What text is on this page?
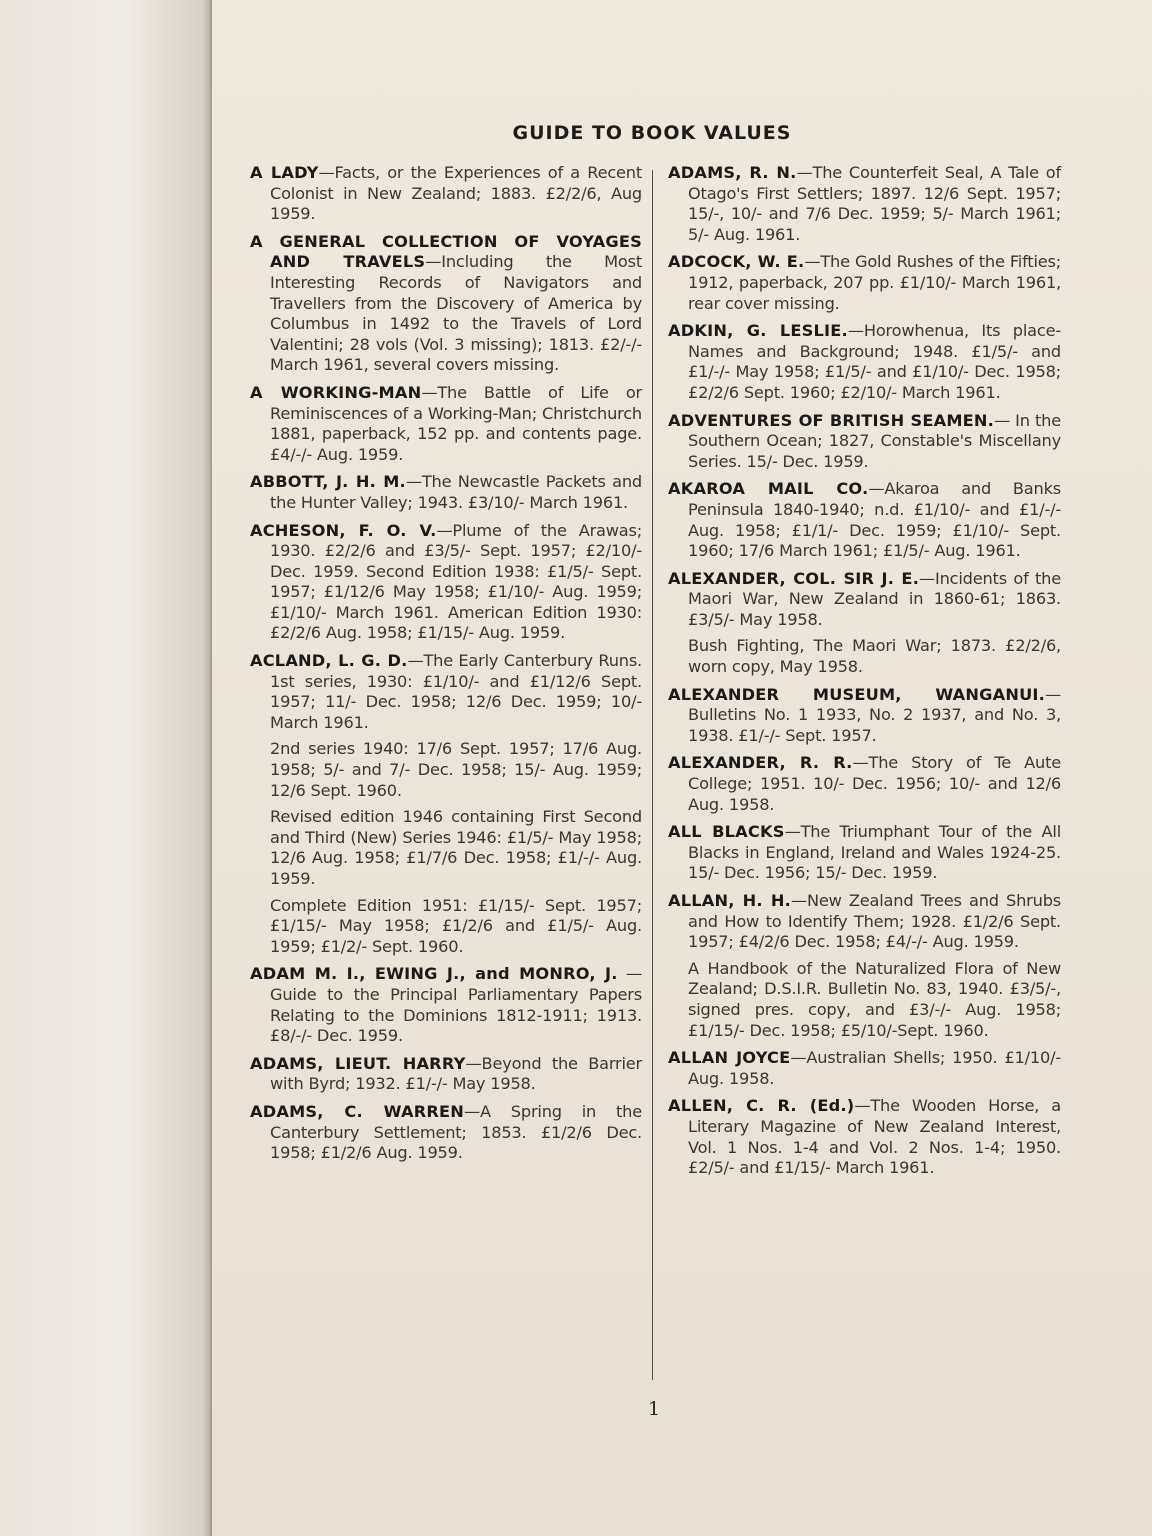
GUIDE TO BOOK VALUES

A LADY—Facts, or the Experiences of a Recent Colonist in New Zealand; 1883. £2/2/6, Aug 1959.

A GENERAL COLLECTION OF VOYAGES AND TRAVELS—Including the Most Interesting Records of Navigators and Travellers from the Discovery of America by Columbus in 1492 to the Travels of Lord Valentini; 28 vols (Vol. 3 missing); 1813. £2/-/- March 1961, several covers missing.

A WORKING-MAN—The Battle of Life or Reminiscences of a Working-Man; Christchurch 1881, paperback, 152 pp. and contents page. £4/-/- Aug. 1959.

ABBOTT, J. H. M.—The Newcastle Packets and the Hunter Valley; 1943. £3/10/- March 1961.

ACHESON, F. O. V.—Plume of the Arawas; 1930. £2/2/6 and £3/5/- Sept. 1957; £2/10/- Dec. 1959. Second Edition 1938: £1/5/- Sept. 1957; £1/12/6 May 1958; £1/10/- Aug. 1959; £1/10/- March 1961. American Edition 1930: £2/2/6 Aug. 1958; £1/15/- Aug. 1959.

ACLAND, L. G. D.—The Early Canterbury Runs. 1st series, 1930: £1/10/- and £1/12/6 Sept. 1957; 11/- Dec. 1958; 12/6 Dec. 1959; 10/- March 1961.

2nd series 1940: 17/6 Sept. 1957; 17/6 Aug. 1958; 5/- and 7/- Dec. 1958; 15/- Aug. 1959; 12/6 Sept. 1960.

Revised edition 1946 containing First Second and Third (New) Series 1946: £1/5/- May 1958; 12/6 Aug. 1958; £1/7/6 Dec. 1958; £1/-/- Aug. 1959.

Complete Edition 1951: £1/15/- Sept. 1957; £1/15/- May 1958; £1/2/6 and £1/5/- Aug. 1959; £1/2/- Sept. 1960.

ADAM M. I., EWING J., and MONRO, J. —Guide to the Principal Parliamentary Papers Relating to the Dominions 1812-1911; 1913. £8/-/- Dec. 1959.

ADAMS, LIEUT. HARRY—Beyond the Barrier with Byrd; 1932. £1/-/- May 1958.

ADAMS, C. WARREN—A Spring in the Canterbury Settlement; 1853. £1/2/6 Dec. 1958; £1/2/6 Aug. 1959.

ADAMS, R. N.—The Counterfeit Seal, A Tale of Otago's First Settlers; 1897. 12/6 Sept. 1957; 15/-, 10/- and 7/6 Dec. 1959; 5/- March 1961; 5/- Aug. 1961.

ADCOCK, W. E.—The Gold Rushes of the Fifties; 1912, paperback, 207 pp. £1/10/- March 1961, rear cover missing.

ADKIN, G. LESLIE.—Horowhenua, Its place-Names and Background; 1948. £1/5/- and £1/-/- May 1958; £1/5/- and £1/10/- Dec. 1958; £2/2/6 Sept. 1960; £2/10/- March 1961.

ADVENTURES OF BRITISH SEAMEN.— In the Southern Ocean; 1827, Constable's Miscellany Series. 15/- Dec. 1959.

AKAROA MAIL CO.—Akaroa and Banks Peninsula 1840-1940; n.d. £1/10/- and £1/-/- Aug. 1958; £1/1/- Dec. 1959; £1/10/- Sept. 1960; 17/6 March 1961; £1/5/- Aug. 1961.

ALEXANDER, COL. SIR J. E.—Incidents of the Maori War, New Zealand in 1860-61; 1863. £3/5/- May 1958.

Bush Fighting, The Maori War; 1873. £2/2/6, worn copy, May 1958.

ALEXANDER MUSEUM, WANGANUI.— Bulletins No. 1 1933, No. 2 1937, and No. 3, 1938. £1/-/- Sept. 1957.

ALEXANDER, R. R.—The Story of Te Aute College; 1951. 10/- Dec. 1956; 10/- and 12/6 Aug. 1958.

ALL BLACKS—The Triumphant Tour of the All Blacks in England, Ireland and Wales 1924-25. 15/- Dec. 1956; 15/- Dec. 1959.

ALLAN, H. H.—New Zealand Trees and Shrubs and How to Identify Them; 1928. £1/2/6 Sept. 1957; £4/2/6 Dec. 1958; £4/-/- Aug. 1959.

A Handbook of the Naturalized Flora of New Zealand; D.S.I.R. Bulletin No. 83, 1940. £3/5/-, signed pres. copy, and £3/-/- Aug. 1958; £1/15/- Dec. 1958; £5/10/-Sept. 1960.

ALLAN JOYCE—Australian Shells; 1950. £1/10/- Aug. 1958.

ALLEN, C. R. (Ed.)—The Wooden Horse, a Literary Magazine of New Zealand Interest, Vol. 1 Nos. 1-4 and Vol. 2 Nos. 1-4; 1950. £2/5/- and £1/15/- March 1961.

1
